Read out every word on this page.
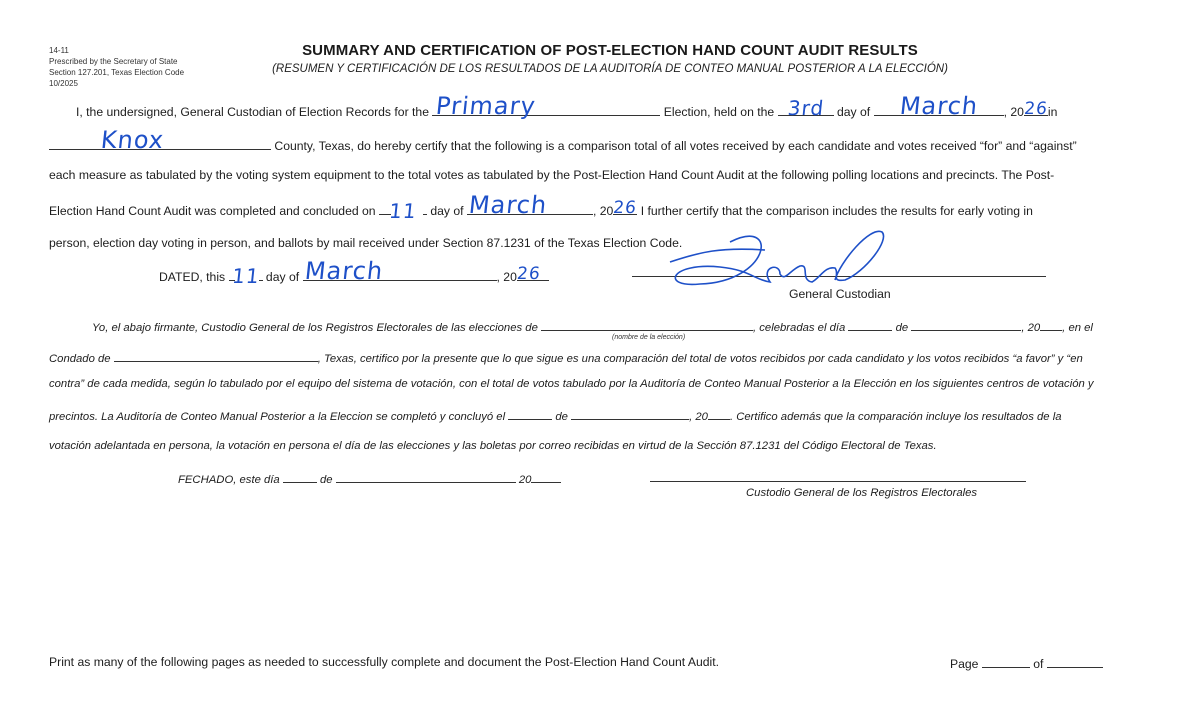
14-11
Prescribed by the Secretary of State
Section 127.201, Texas Election Code
10/2025
SUMMARY AND CERTIFICATION OF POST-ELECTION HAND COUNT AUDIT RESULTS
(RESUMEN Y CERTIFICACIÓN DE LOS RESULTADOS DE LA AUDITORÍA DE CONTEO MANUAL POSTERIOR A LA ELECCIÓN)
I, the undersigned, General Custodian of Election Records for the Primary	Election, held on the 3rd day of	March	, 20 26 in
Knox	County, Texas, do hereby certify that the following is a comparison total of all votes received by each candidate and votes received “for” and “against”
each measure as tabulated by the voting system equipment to the total votes as tabulated by the Post-Election Hand Count Audit at the following polling locations and precincts. The Post-
Election Hand Count Audit was completed and concluded on 11	day of March	, 20 26 I further certify that the comparison includes the results for early voting in
person, election day voting in person, and ballots by mail received under Section 87.1231 of the Texas Election Code.
DATED, this 11 day of March	, 20 26
General Custodian
Yo, el abajo firmante, Custodio General de los Registros Electorales de las elecciones de	, celebradas el día	de	, 20 , en el
(nombre de la elección)
Condado de	, Texas, certifico por la presente que lo que sigue es una comparación del total de votos recibidos por cada candidato y los votos recibidos “a favor” y “en
contra” de cada medida, según lo tabulado por el equipo del sistema de votación, con el total de votos tabulado por la Auditoría de Conteo Manual Posterior a la Elección en los siguientes centros de votación y
precintos. La Auditoría de Conteo Manual Posterior a la Eleccion se completó y concluyó el	de	, 20 . Certifico además que la comparación incluye los resultados de la
votación adelantada en persona, la votación en persona el día de las elecciones y las boletas por correo recibidas en virtud de la Sección 87.1231 del Código Electoral de Texas.
FECHADO, este día	de	20
Custodio General de los Registros Electorales
Print as many of the following pages as needed to successfully complete and document the Post-Election Hand Count Audit.	Page	of
